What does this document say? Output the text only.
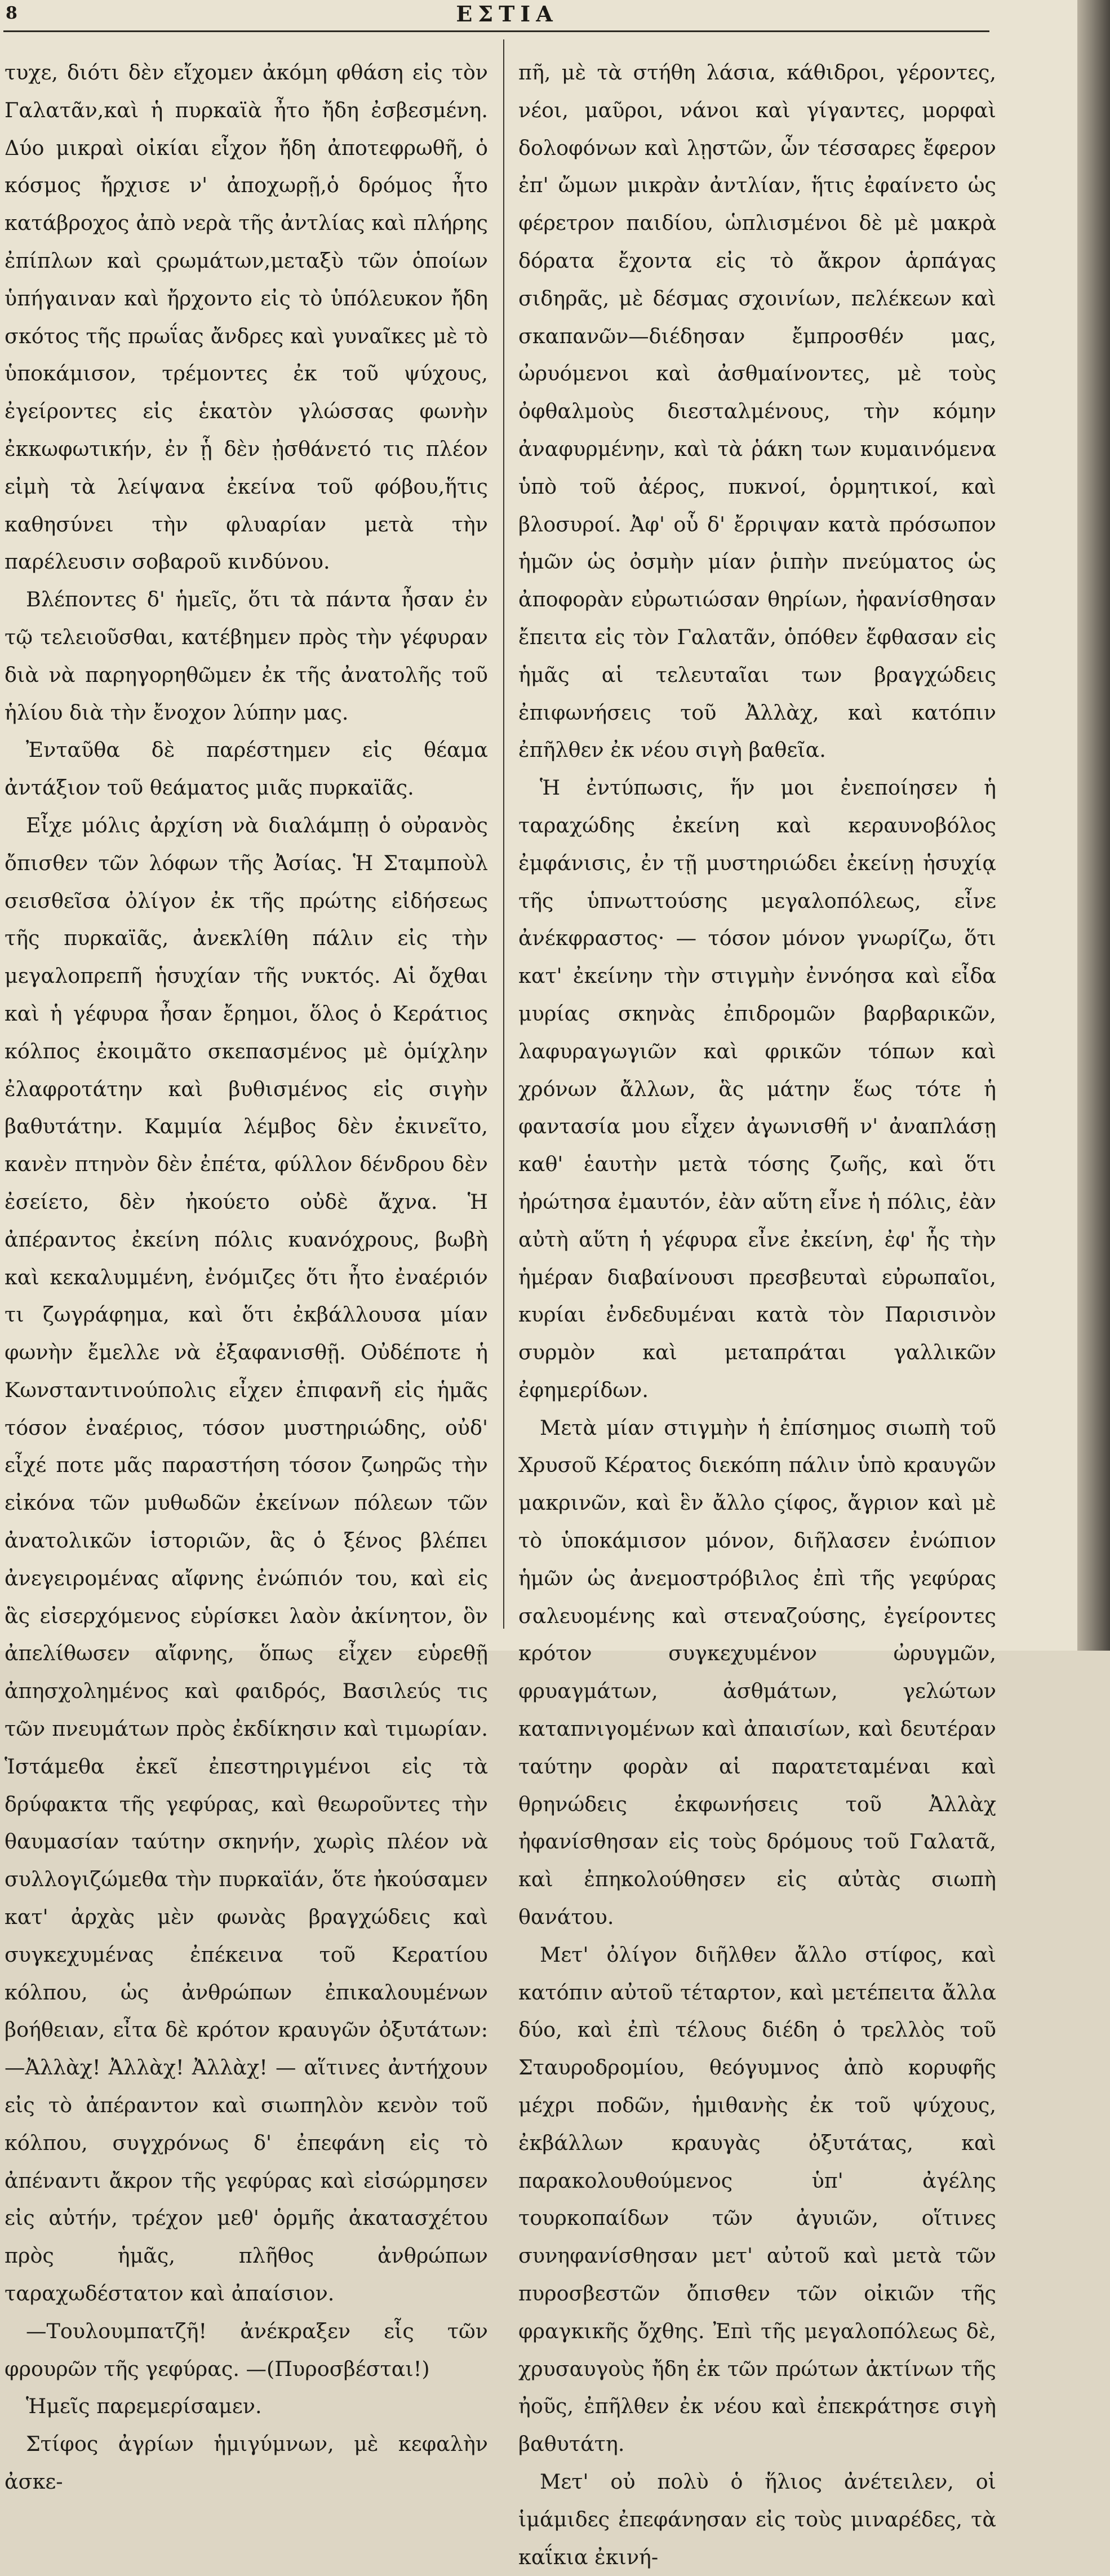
8	ΕΣΤΙΑ

τυχε, διότι δὲν εἴχομεν ἀκόμη φθάση εἰς τὸν Γαλατᾶν,καὶ ἡ πυρκαϊὰ ἦτο ἤδη ἐσβεσμένη. Δύο μικραὶ οἰκίαι εἶχον ἤδη ἀποτεφρωθῆ, ὁ κόσμος ἤρχισε ν' ἀποχωρῇ,ὁ δρόμος ἦτο κατάβροχος ἀπὸ νερὰ τῆς ἀντλίας καὶ πλήρης ἐπίπλων καὶ ςρωμάτων,μεταξὺ τῶν ὁποίων ὑπήγαιναν καὶ ἤρχοντο εἰς τὸ ὑπόλευκον ἤδη σκότος τῆς πρωΐας ἄνδρες καὶ γυναῖκες μὲ τὸ ὑποκάμισον, τρέμοντες ἐκ τοῦ ψύχους, ἐγείροντες εἰς ἑκατὸν γλώσσας φωνὴν ἐκκωφωτικήν, ἐν ᾗ δὲν ᾐσθάνετό τις πλέον εἰμὴ τὰ λείψανα ἐκείνα τοῦ φόβου,ἥτις καθησύνει τὴν φλυαρίαν μετὰ τὴν παρέλευσιν σοβαροῦ κινδύνου.

Βλέποντες δ' ἡμεῖς, ὅτι τὰ πάντα ἦσαν ἐν τῷ τελειοῦσθαι, κατέβημεν πρὸς τὴν γέφυραν διὰ νὰ παρηγορηθῶμεν ἐκ τῆς ἀνατολῆς τοῦ ἡλίου διὰ τὴν ἔνοχον λύπην μας.

Ἐνταῦθα δὲ παρέστημεν εἰς θέαμα ἀντάξιον τοῦ θεάματος μιᾶς πυρκαϊᾶς.

Εἶχε μόλις ἀρχίση νὰ διαλάμπῃ ὁ οὐρανὸς ὄπισθεν τῶν λόφων τῆς Ἀσίας. Ἡ Σταμποὺλ σεισθεῖσα ὀλίγον ἐκ τῆς πρώτης εἰδήσεως τῆς πυρκαϊᾶς, ἀνεκλίθη πάλιν εἰς τὴν μεγαλοπρεπῆ ἡσυχίαν τῆς νυκτός. Αἱ ὄχθαι καὶ ἡ γέφυρα ἦσαν ἔρημοι, ὅλος ὁ Κεράτιος κόλπος ἐκοιμᾶτο σκεπασμένος μὲ ὁμίχλην ἐλαφροτάτην καὶ βυθισμένος εἰς σιγὴν βαθυτάτην. Καμμία λέμβος δὲν ἐκινεῖτο, κανὲν πτηνὸν δὲν ἐπέτα, φύλλον δένδρου δὲν ἐσείετο, δὲν ἠκούετο οὐδὲ ἄχνα. Ἡ ἀπέραντος ἐκείνη πόλις κυανόχρους, βωβὴ καὶ κεκαλυμμένη, ἐνόμιζες ὅτι ἦτο ἐναέριόν τι ζωγράφημα, καὶ ὅτι ἐκβάλλουσα μίαν φωνὴν ἔμελλε νὰ ἐξαφανισθῇ. Οὐδέποτε ἡ Κωνσταντινούπολις εἶχεν ἐπιφανῆ εἰς ἡμᾶς τόσον ἐναέριος, τόσον μυστηριώδης, οὐδ' εἶχέ ποτε μᾶς παραστήση τόσον ζωηρῶς τὴν εἰκόνα τῶν μυθωδῶν ἐκείνων πόλεων τῶν ἀνατολικῶν ἱστοριῶν, ἃς ὁ ξένος βλέπει ἀνεγειρομένας αἴφνης ἐνώπιόν του, καὶ εἰς ἃς εἰσερχόμενος εὑρίσκει λαὸν ἀκίνητον, ὃν ἀπελίθωσεν αἴφνης, ὅπως εἶχεν εὑρεθῇ ἀπησχολημένος καὶ φαιδρός, Βασιλεύς τις τῶν πνευμάτων πρὸς ἐκδίκησιν καὶ τιμωρίαν. Ἱστάμεθα ἐκεῖ ἐπεστηριγμένοι εἰς τὰ δρύφακτα τῆς γεφύρας, καὶ θεωροῦντες τὴν θαυμασίαν ταύτην σκηνήν, χωρὶς πλέον νὰ συλλογιζώμεθα τὴν πυρκαϊάν, ὅτε ἠκούσαμεν κατ' ἀρχὰς μὲν φωνὰς βραγχώδεις καὶ συγκεχυμένας ἐπέκεινα τοῦ Κερατίου κόλπου, ὡς ἀνθρώπων ἐπικαλουμένων βοήθειαν, εἶτα δὲ κρότον κραυγῶν ὀξυτάτων:—Ἀλλὰχ! Ἀλλὰχ! Ἀλλὰχ! — αἵτινες ἀντήχουν εἰς τὸ ἀπέραντον καὶ σιωπηλὸν κενὸν τοῦ κόλπου, συγχρόνως δ' ἐπεφάνη εἰς τὸ ἀπέναντι ἄκρον τῆς γεφύρας καὶ εἰσώρμησεν εἰς αὐτήν, τρέχον μεθ' ὁρμῆς ἀκατασχέτου πρὸς ἡμᾶς, πλῆθος ἀνθρώπων ταραχωδέστατον καὶ ἀπαίσιον.

—Τουλουμπατζῆ! ἀνέκραξεν εἷς τῶν φρουρῶν τῆς γεφύρας. —(Πυροσβέσται!)

Ἡμεῖς παρεμερίσαμεν.

Στίφος ἀγρίων ἡμιγύμνων, μὲ κεφαλὴν ἀσκε-

πῆ, μὲ τὰ στήθη λάσια, κάθιδροι, γέροντες, νέοι, μαῦροι, νάνοι καὶ γίγαντες, μορφαὶ δολοφόνων καὶ λῃστῶν, ὧν τέσσαρες ἔφερον ἐπ' ὤμων μικρὰν ἀντλίαν, ἥτις ἐφαίνετο ὡς φέρετρον παιδίου, ὡπλισμένοι δὲ μὲ μακρὰ δόρατα ἔχοντα εἰς τὸ ἄκρον ἁρπάγας σιδηρᾶς, μὲ δέσμας σχοινίων, πελέκεων καὶ σκαπανῶν—διέδησαν ἔμπροσθέν μας, ὠρυόμενοι καὶ ἀσθμαίνοντες, μὲ τοὺς ὀφθαλμοὺς διεσταλμένους, τὴν κόμην ἀναφυρμένην, καὶ τὰ ῥάκη των κυμαινόμενα ὑπὸ τοῦ ἀέρος, πυκνοί, ὁρμητικοί, καὶ βλοσυροί. Ἀφ' οὗ δ' ἔρριψαν κατὰ πρόσωπον ἡμῶν ὡς ὀσμὴν μίαν ῥιπὴν πνεύματος ὡς ἀποφορὰν εὐρωτιώσαν θηρίων, ἠφανίσθησαν ἔπειτα εἰς τὸν Γαλατᾶν, ὁπόθεν ἔφθασαν εἰς ἡμᾶς αἱ τελευταῖαι των βραγχώδεις ἐπιφωνήσεις τοῦ Ἀλλὰχ, καὶ κατόπιν ἐπῆλθεν ἐκ νέου σιγὴ βαθεῖα.

Ἡ ἐντύπωσις, ἥν μοι ἐνεποίησεν ἡ ταραχώδης ἐκείνη καὶ κεραυνοβόλος ἐμφάνισις, ἐν τῇ μυστηριώδει ἐκείνῃ ἡσυχίᾳ τῆς ὑπνωττούσης μεγαλοπόλεως, εἶνε ἀνέκφραστος· — τόσον μόνον γνωρίζω, ὅτι κατ' ἐκείνην τὴν στιγμὴν ἐννόησα καὶ εἶδα μυρίας σκηνὰς ἐπιδρομῶν βαρβαρικῶν, λαφυραγωγιῶν καὶ φρικῶν τόπων καὶ χρόνων ἄλλων, ἃς μάτην ἕως τότε ἡ φαντασία μου εἶχεν ἀγωνισθῆ ν' ἀναπλάσῃ καθ' ἑαυτὴν μετὰ τόσης ζωῆς, καὶ ὅτι ἠρώτησα ἐμαυτόν, ἐὰν αὕτη εἶνε ἡ πόλις, ἐὰν αὐτὴ αὕτη ἡ γέφυρα εἶνε ἐκείνη, ἐφ' ἧς τὴν ἡμέραν διαβαίνουσι πρεσβευταὶ εὐρωπαῖοι, κυρίαι ἐνδεδυμέναι κατὰ τὸν Παρισινὸν συρμὸν καὶ μεταπράται γαλλικῶν ἐφημερίδων.

Μετὰ μίαν στιγμὴν ἡ ἐπίσημος σιωπὴ τοῦ Χρυσοῦ Κέρατος διεκόπη πάλιν ὑπὸ κραυγῶν μακρινῶν, καὶ ἓν ἄλλο ςίφος, ἄγριον καὶ μὲ τὸ ὑποκάμισον μόνον, διῆλασεν ἐνώπιον ἡμῶν ὡς ἀνεμοστρόβιλος ἐπὶ τῆς γεφύρας σαλευομένης καὶ στεναζούσης, ἐγείροντες κρότον συγκεχυμένον ὠρυγμῶν, φρυαγμάτων, ἀσθμάτων, γελώτων καταπνιγομένων καὶ ἀπαισίων, καὶ δευτέραν ταύτην φορὰν αἱ παρατεταμέναι καὶ θρηνώδεις ἐκφωνήσεις τοῦ Ἀλλὰχ ἠφανίσθησαν εἰς τοὺς δρόμους τοῦ Γαλατᾶ, καὶ ἐπηκολούθησεν εἰς αὐτὰς σιωπὴ θανάτου.

Μετ' ὀλίγον διῆλθεν ἄλλο στίφος, καὶ κατόπιν αὐτοῦ τέταρτον, καὶ μετέπειτα ἄλλα δύο, καὶ ἐπὶ τέλους διέδη ὁ τρελλὸς τοῦ Σταυροδρομίου, θεόγυμνος ἀπὸ κορυφῆς μέχρι ποδῶν, ἡμιθανὴς ἐκ τοῦ ψύχους, ἐκβάλλων κραυγὰς ὀξυτάτας, καὶ παρακολουθούμενος ὑπ' ἀγέλης τουρκοπαίδων τῶν ἀγυιῶν, οἵτινες συνηφανίσθησαν μετ' αὐτοῦ καὶ μετὰ τῶν πυροσβεστῶν ὄπισθεν τῶν οἰκιῶν τῆς φραγκικῆς ὄχθης. Ἐπὶ τῆς μεγαλοπόλεως δὲ, χρυσαυγοὺς ἤδη ἐκ τῶν πρώτων ἀκτίνων τῆς ἠοῦς, ἐπῆλθεν ἐκ νέου καὶ ἐπεκράτησε σιγὴ βαθυτάτη.

Μετ' οὐ πολὺ ὁ ἥλιος ἀνέτειλεν, οἱ ἱμάμιδες ἐπεφάνησαν εἰς τοὺς μιναρέδες, τὰ καΐκια ἐκινή-
